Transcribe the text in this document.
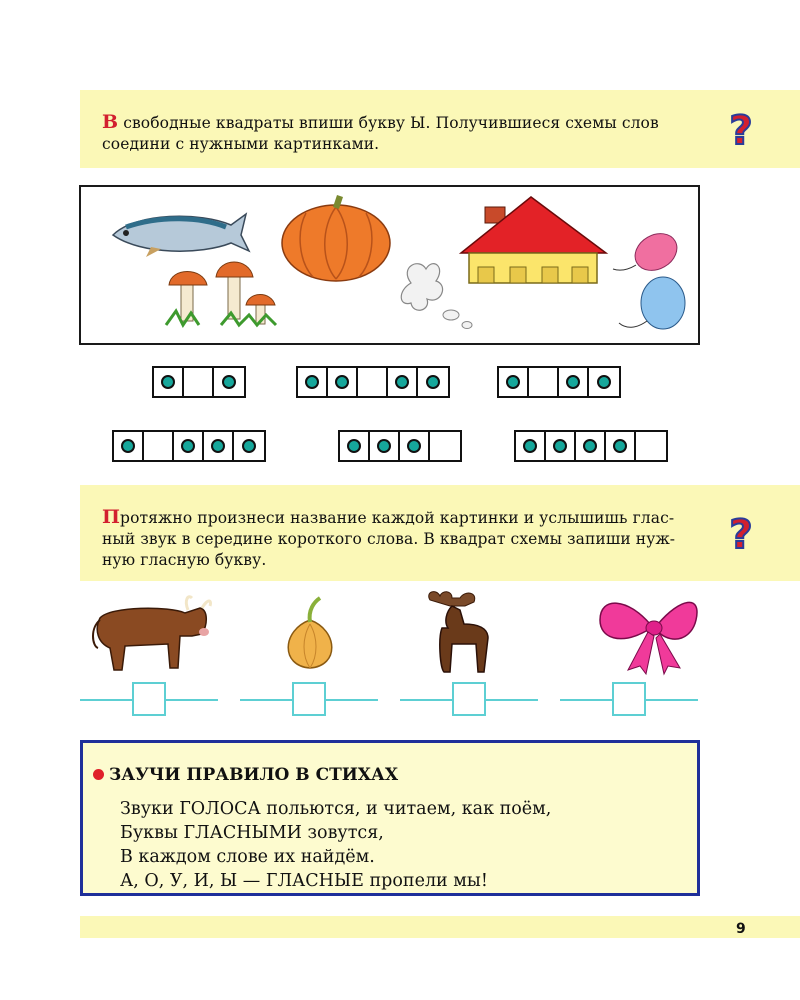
В свободные квадраты впиши букву Ы. Получившиеся схемы слов
соедини с нужными картинками.	?
Протяжно произнеси название каждой картинки и услышишь глас-
ный звук в середине короткого слова. В квадрат схемы запиши нуж-
ную гласную букву.
?
ЗАУЧИ ПРАВИЛО В СТИХАХ
Звуки ГОЛОСА польются, и читаем, как поём,
Буквы ГЛАСНЫМИ зовутся,
В каждом слове их найдём.
А, О, У, И, Ы — ГЛАСНЫЕ пропели мы!
9
